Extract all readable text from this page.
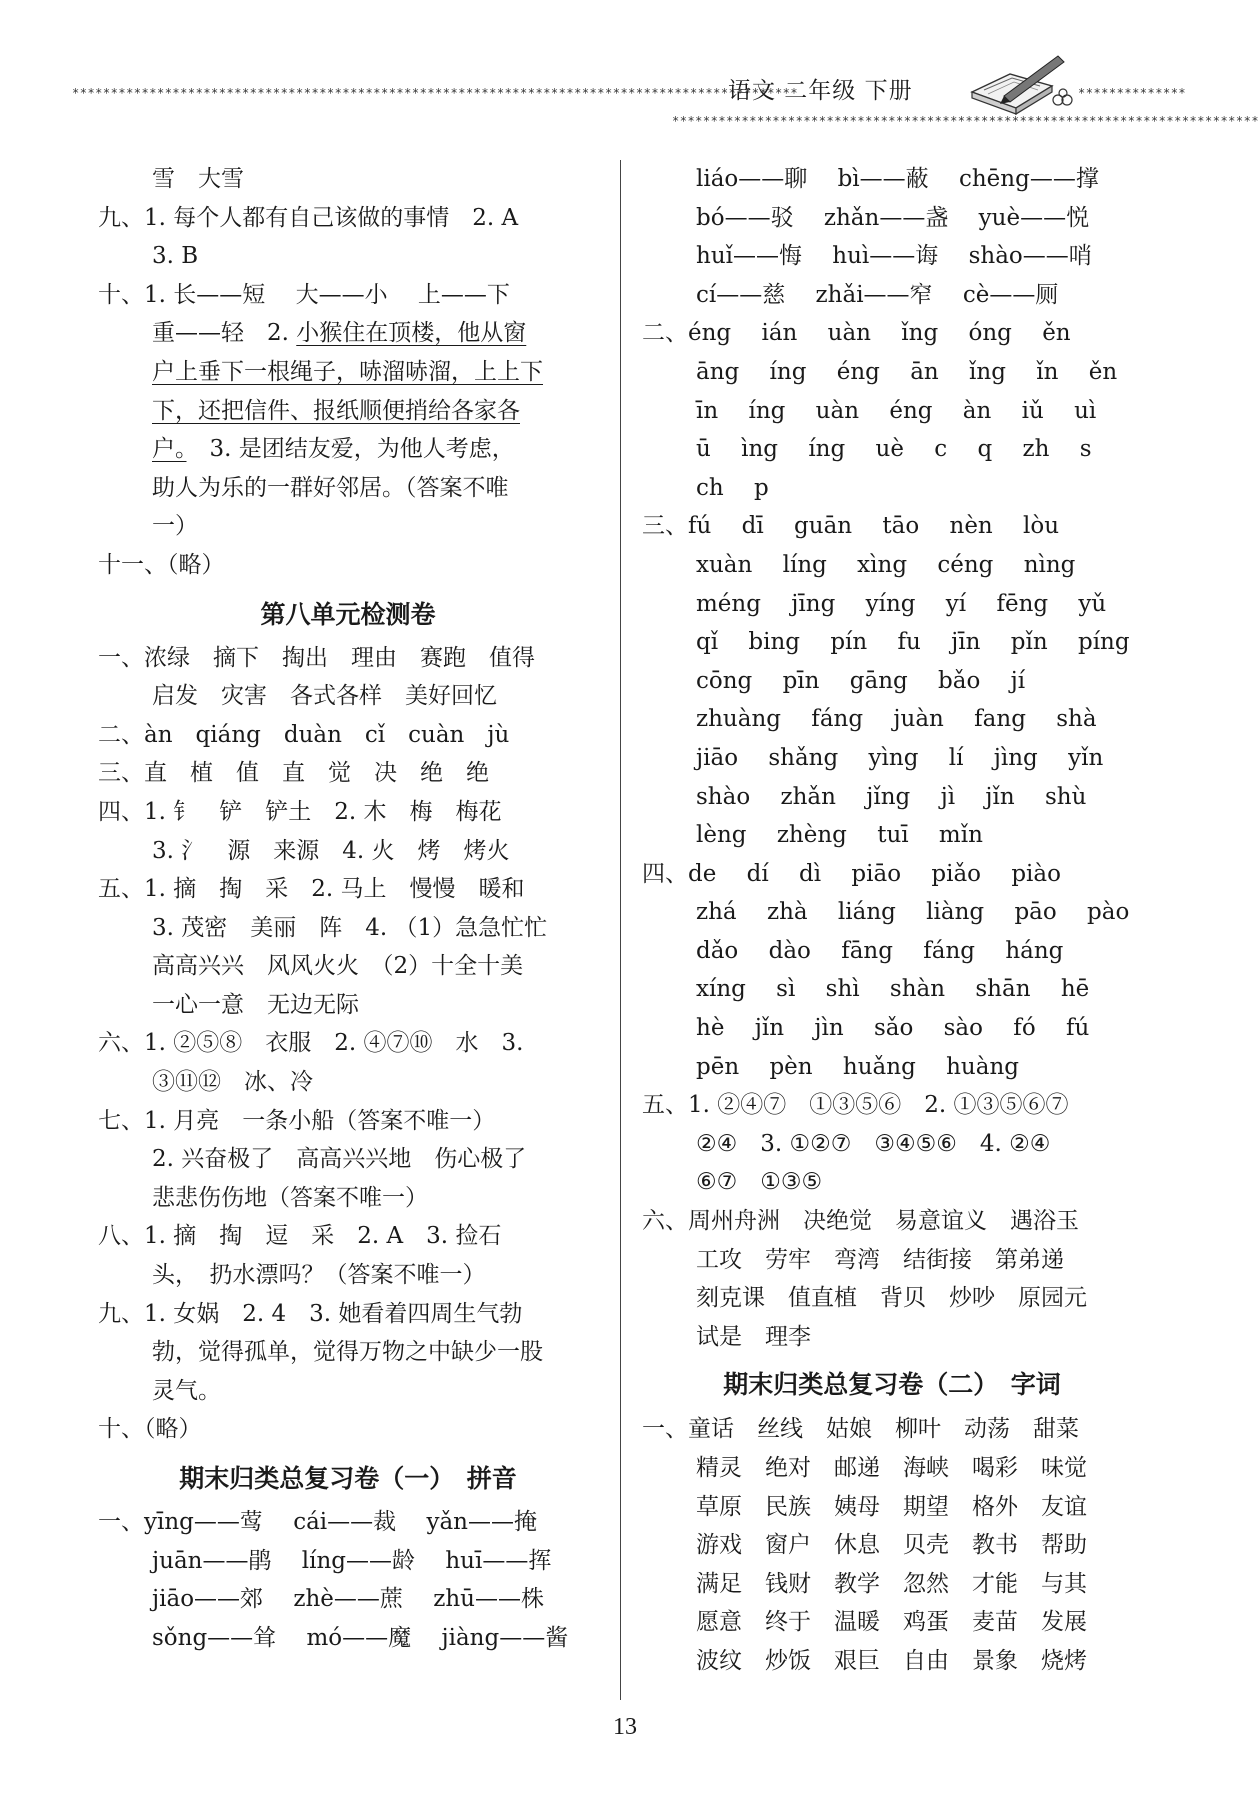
**********************************************************************************************
语文 二年级 下册	**************
****************************************************************************
雪　大雪
九、1. 每个人都有自己该做的事情　2. A
3. B
十、1. 长——短　 大——小　 上——下
重——轻　2. 小猴住在顶楼，他从窗
户上垂下一根绳子，哧溜哧溜，上上下
下，还把信件、报纸顺便捎给各家各
户。　3. 是团结友爱，为他人考虑，
助人为乐的一群好邻居。（答案不唯
一）
十一、（略）
第八单元检测卷
一、浓绿　摘下　掏出　理由　赛跑　值得
启发　灾害　各式各样　美好回忆
二、àn　qiáng　duàn　cǐ　cuàn　jù
三、直　植　值　直　觉　决　绝　绝
四、1. 钅　铲　铲土　2. 木　梅　梅花
3. 氵　源　来源　4. 火　烤　烤火
五、1. 摘　掏　采　2. 马上　慢慢　暖和
3. 茂密　美丽　阵　4. （1）急急忙忙
高高兴兴　风风火火　（2）十全十美
一心一意　无边无际
六、1. ②⑤⑧　衣服　2. ④⑦⑩　水　3.
③⑪⑫　冰、冷
七、1. 月亮　一条小船（答案不唯一）
2. 兴奋极了　高高兴兴地　伤心极了
悲悲伤伤地（答案不唯一）
八、1. 摘　掏　逗　采　2. A　3. 捡石
头，　扔水漂吗？（答案不唯一）
九、1. 女娲　2. 4　3. 她看着四周生气勃
勃，觉得孤单，觉得万物之中缺少一股
灵气。
十、（略）
期末归类总复习卷（一）　拼音
一、yīng——莺　 cái——裁　 yǎn——掩
juān——鹃　 líng——龄　 huī——挥
jiāo——郊　 zhè——蔗　 zhū——株
sǒng——耸　 mó——魔　 jiàng——酱
liáo——聊　 bì——蔽　 chēng——撑
bó——驳　 zhǎn——盏　 yuè——悦
huǐ——悔　 huì——诲　 shào——哨
cí——慈　 zhǎi——窄　 cè——厕
二、éng　 ián　 uàn　 ǐng　 óng　 ěn
āng　 íng　 éng　 ān　 ǐng　 ǐn　 ěn
īn　 íng　 uàn　 éng　 àn　 iǔ　 uì
ū　 ìng　 íng　 uè　 c　 q　 zh　 s
ch　 p
三、fú　 dī　 guān　 tāo　 nèn　 lòu
xuàn　 líng　 xìng　 céng　 nìng
méng　 jīng　 yíng　 yí　 fēng　 yǔ
qǐ　 bing　 pín　 fu　 jīn　 pǐn　 píng
cōng　 pīn　 gāng　 bǎo　 jí
zhuàng　 fáng　 juàn　 fang　 shà
jiāo　 shǎng　 yìng　 lí　 jìng　 yǐn
shào　 zhǎn　 jǐng　 jì　 jǐn　 shù
lèng　 zhèng　 tuī　 mǐn
四、de　 dí　 dì　 piāo　 piǎo　 piào
zhá　 zhà　 liáng　 liàng　 pāo　 pào
dǎo　 dào　 fāng　 fáng　 háng
xíng　 sì　 shì　 shàn　 shān　 hē
hè　 jǐn　 jìn　 sǎo　 sào　 fó　 fú
pēn　 pèn　 huǎng　 huàng
五、1. ②④⑦　①③⑤⑥　2. ①③⑤⑥⑦
②④　3. ①②⑦　③④⑤⑥　4. ②④
⑥⑦　①③⑤
六、周州舟洲　决绝觉　易意谊义　遇浴玉
工攻　劳牢　弯湾　结街接　第弟递
刻克课　值直植　背贝　炒吵　原园元
试是　理李
期末归类总复习卷（二）　字词
一、童话　丝线　姑娘　柳叶　动荡　甜菜
精灵　绝对　邮递　海峡　喝彩　味觉
草原　民族　姨母　期望　格外　友谊
游戏　窗户　休息　贝壳　教书　帮助
满足　钱财　教学　忽然　才能　与其
愿意　终于　温暖　鸡蛋　麦苗　发展
波纹　炒饭　艰巨　自由　景象　烧烤
13
